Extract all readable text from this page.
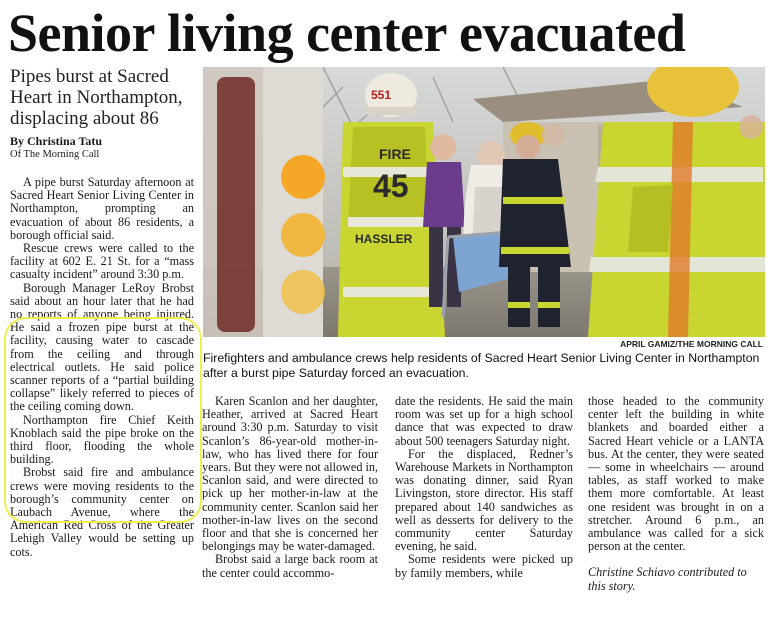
Senior living center evacuated
Pipes burst at Sacred Heart in Northampton, displacing about 86
By Christina Tatu
Of The Morning Call

A pipe burst Saturday afternoon at Sacred Heart Senior Living Center in Northampton, prompting an evacuation of about 86 residents, a borough official said.

Rescue crews were called to the facility at 602 E. 21 St. for a “mass casualty incident” around 3:30 p.m.

Borough Manager LeRoy Brobst said about an hour later that he had no reports of anyone being injured. He said a frozen pipe burst at the facility, causing water to cascade from the ceiling and through electrical outlets. He said police scanner reports of a “partial building collapse” likely referred to pieces of the ceiling coming down.

Northampton fire Chief Keith Knoblach said the pipe broke on the third floor, flooding the whole building.

Brobst said fire and ambulance crews were moving residents to the borough’s community center on Laubach Avenue, where the American Red Cross of the Greater Lehigh Valley would be setting up cots.

FIRE
45
HASSLER
551
APRIL GAMIZ/THE MORNING CALL
Firefighters and ambulance crews help residents of Sacred Heart Senior Living Center in Northampton after a burst pipe Saturday forced an evacuation.

Karen Scanlon and her daughter, Heather, arrived at Sacred Heart around 3:30 p.m. Saturday to visit Scanlon’s 86-year-old mother-in-law, who has lived there for four years. But they were not allowed in, Scanlon said, and were directed to pick up her mother-in-law at the community center. Scanlon said her mother-in-law lives on the second floor and that she is concerned her belongings may be water-damaged.

Brobst said a large back room at the center could accommo-

date the residents. He said the main room was set up for a high school dance that was expected to draw about 500 teenagers Saturday night.

For the displaced, Redner’s Warehouse Markets in Northampton was donating dinner, said Ryan Livingston, store director. His staff prepared about 140 sandwiches as well as desserts for delivery to the community center Saturday evening, he said.

Some residents were picked up by family members, while

those headed to the community center left the building in white blankets and boarded either a Sacred Heart vehicle or a LANTA bus. At the center, they were seated — some in wheelchairs — around tables, as staff worked to make them more comfortable. At least one resident was brought in on a stretcher. Around 6 p.m., an ambulance was called for a sick person at the center.

Christine Schiavo contributed to this story.
